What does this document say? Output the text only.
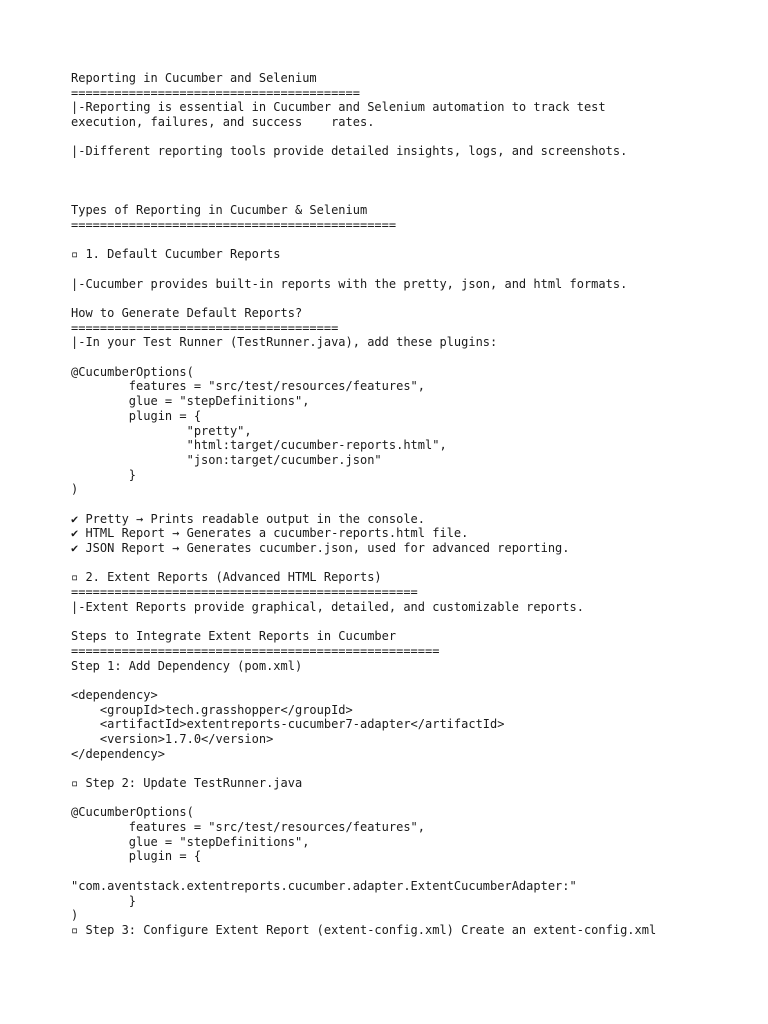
Reporting in Cucumber and Selenium
========================================
|-Reporting is essential in Cucumber and Selenium automation to track test
execution, failures, and success    rates.
|-Different reporting tools provide detailed insights, logs, and screenshots.
Types of Reporting in Cucumber & Selenium
=============================================
▫ 1. Default Cucumber Reports
|-Cucumber provides built-in reports with the pretty, json, and html formats.
How to Generate Default Reports?
=====================================
|-In your Test Runner (TestRunner.java), add these plugins:
@CucumberOptions(
features = "src/test/resources/features",
glue = "stepDefinitions",
plugin = {
"pretty",
"html:target/cucumber-reports.html",
"json:target/cucumber.json"
}
)
✔ Pretty → Prints readable output in the console.
✔ HTML Report → Generates a cucumber-reports.html file.
✔ JSON Report → Generates cucumber.json, used for advanced reporting.
▫ 2. Extent Reports (Advanced HTML Reports)
================================================
|-Extent Reports provide graphical, detailed, and customizable reports.
Steps to Integrate Extent Reports in Cucumber
===================================================
Step 1: Add Dependency (pom.xml)
<dependency>
<groupId>tech.grasshopper</groupId>
<artifactId>extentreports-cucumber7-adapter</artifactId>
<version>1.7.0</version>
</dependency>
▫ Step 2: Update TestRunner.java
@CucumberOptions(
features = "src/test/resources/features",
glue = "stepDefinitions",
plugin = {
"com.aventstack.extentreports.cucumber.adapter.ExtentCucumberAdapter:"
}
)
▫ Step 3: Configure Extent Report (extent-config.xml) Create an extent-config.xml
